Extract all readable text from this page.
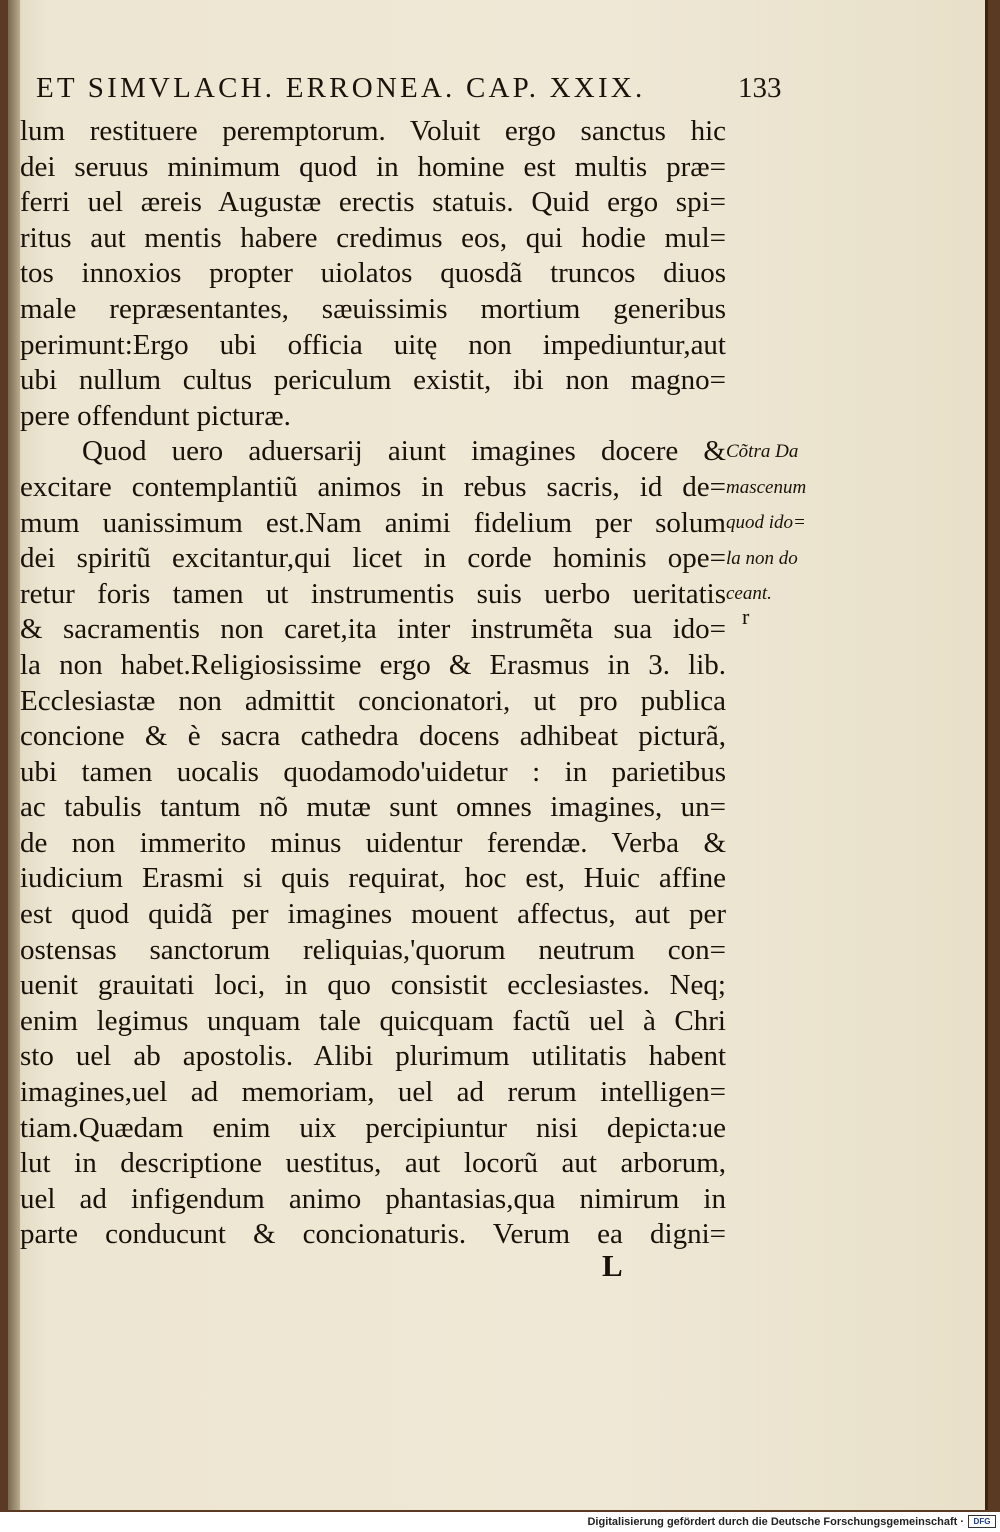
ET SIMVLACH. ERRONEA. CAP. XXIX.	133
lum restituere peremptorum. Voluit ergo sanctus hic
dei seruus minimum quod in homine est multis præ=
ferri uel æreis Augustæ erectis statuis. Quid ergo spi=
ritus aut mentis habere credimus eos, qui hodie mul=
tos innoxios propter uiolatos quosdã truncos diuos
male repræsentantes, sæuissimis mortium generibus
perimunt:Ergo ubi officia uitę non impediuntur,aut
ubi nullum cultus periculum existit, ibi non magno=
pere offendunt picturæ.
Quod uero aduersarij aiunt imagines docere &
excitare contemplantiũ animos in rebus sacris, id de=
mum uanissimum est.Nam animi fidelium per solum
dei spiritũ excitantur,qui licet in corde hominis ope=
retur foris tamen ut instrumentis suis uerbo ueritatis
& sacramentis non caret,ita inter instrumẽta sua ido=
la non habet.Religiosissime ergo & Erasmus in 3. lib.
Ecclesiastæ non admittit concionatori, ut pro publica
concione & è sacra cathedra docens adhibeat picturã,
ubi tamen uocalis quodamodo'uidetur : in parietibus
ac tabulis tantum nõ mutæ sunt omnes imagines, un=
de non immerito minus uidentur ferendæ. Verba &
iudicium Erasmi si quis requirat, hoc est, Huic affine
est quod quidã per imagines mouent affectus, aut per
ostensas sanctorum reliquias,'quorum neutrum con=
uenit grauitati loci, in quo consistit ecclesiastes. Neq;
enim legimus unquam tale quicquam factũ uel à Chri
sto uel ab apostolis. Alibi plurimum utilitatis habent
imagines,uel ad memoriam, uel ad rerum intelligen=
tiam.Quædam enim uix percipiuntur nisi depicta:ue
lut in descriptione uestitus, aut locorũ aut arborum,
uel ad infigendum animo phantasias,qua nimirum in
parte conducunt & concionaturis. Verum ea digni=
Cõtra Da
mascenum
quod ido=
la non do
ceant.
r
L
Digitalisierung gefördert durch die Deutsche Forschungsgemeinschaft ·	DFG
